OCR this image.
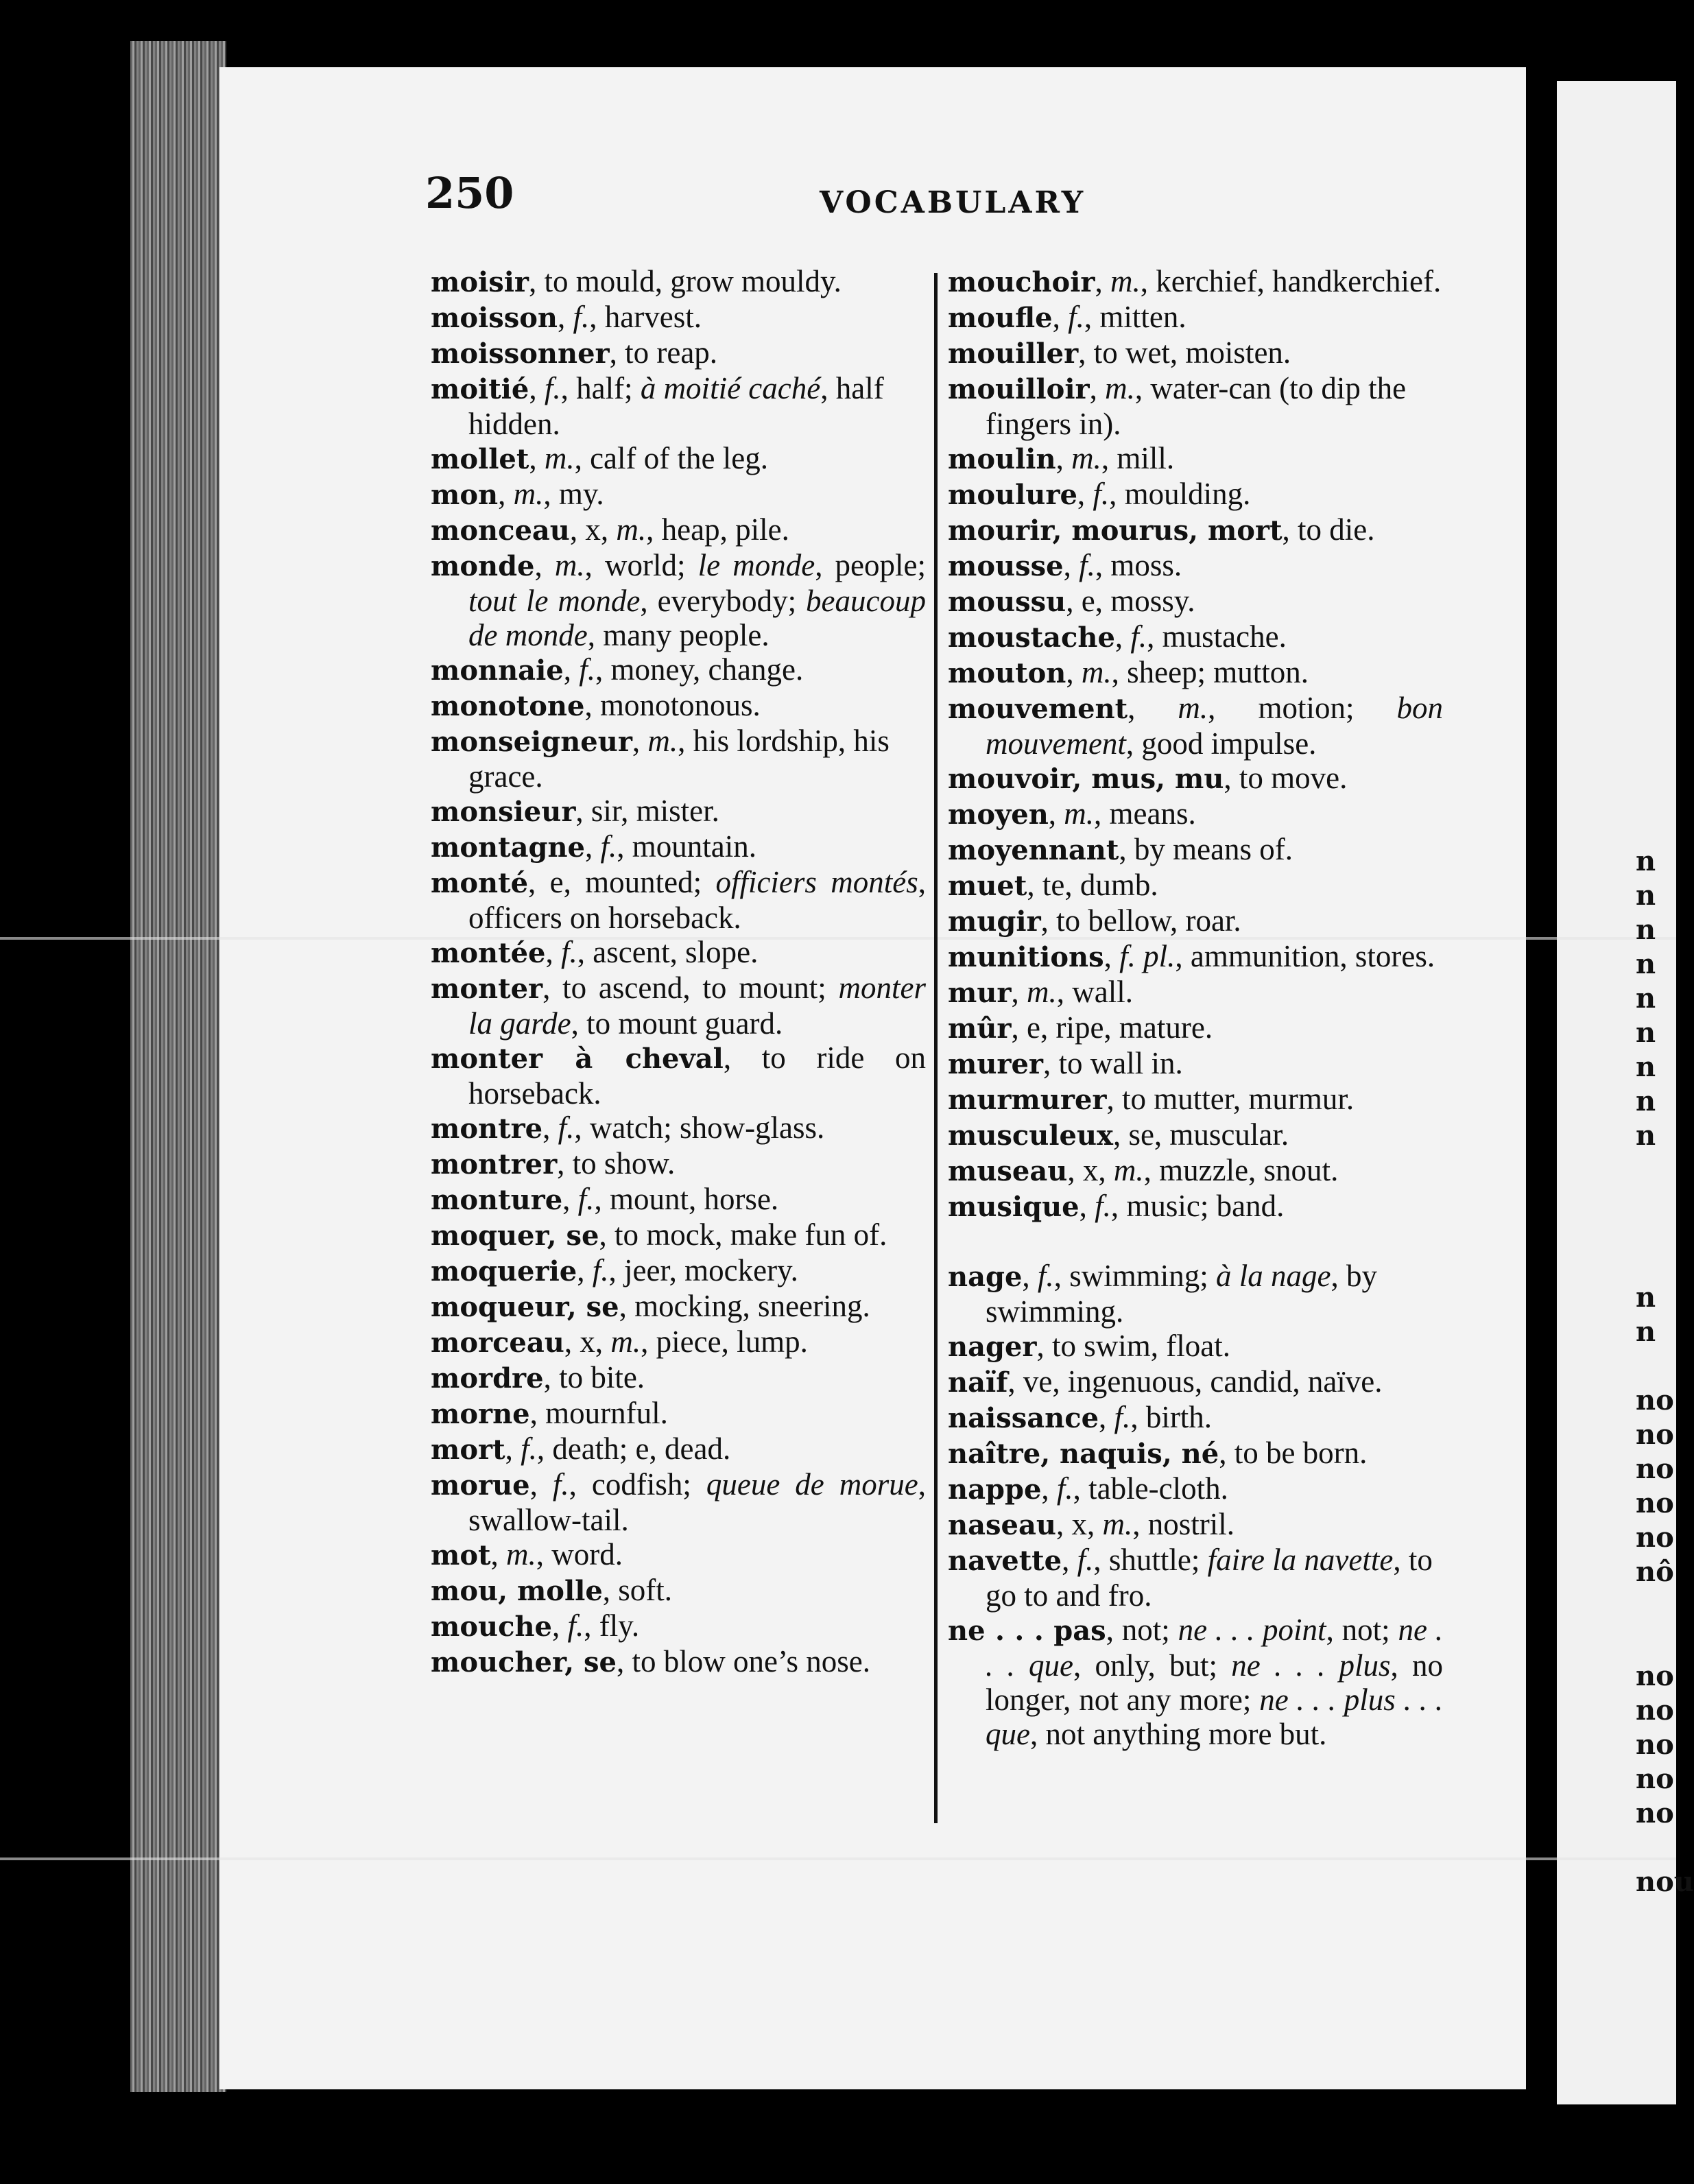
250	VOCABULARY

moisir, to mould, grow mouldy.

moisson, f., harvest.

moissonner, to reap.

moitié, f., half; à moitié caché, half hidden.

mollet, m., calf of the leg.

mon, m., my.

monceau, x, m., heap, pile.

monde, m., world; le monde, people; tout le monde, everybody; beaucoup de monde, many people.

monnaie, f., money, change.

monotone, monotonous.

monseigneur, m., his lordship, his grace.

monsieur, sir, mister.

montagne, f., mountain.

monté, e, mounted; officiers montés, officers on horseback.

montée, f., ascent, slope.

monter, to ascend, to mount; monter la garde, to mount guard.

monter à cheval, to ride on horseback.

montre, f., watch; show-glass.

montrer, to show.

monture, f., mount, horse.

moquer, se, to mock, make fun of.

moquerie, f., jeer, mockery.

moqueur, se, mocking, sneering.

morceau, x, m., piece, lump.

mordre, to bite.

morne, mournful.

mort, f., death; e, dead.

morue, f., codfish; queue de morue, swallow-tail.

mot, m., word.

mou, molle, soft.

mouche, f., fly.

moucher, se, to blow one’s nose.

mouchoir, m., kerchief, handkerchief.

moufle, f., mitten.

mouiller, to wet, moisten.

mouilloir, m., water-can (to dip the fingers in).

moulin, m., mill.

moulure, f., moulding.

mourir, mourus, mort, to die.

mousse, f., moss.

moussu, e, mossy.

moustache, f., mustache.

mouton, m., sheep; mutton.

mouvement, m., motion; bon mouvement, good impulse.

mouvoir, mus, mu, to move.

moyen, m., means.

moyennant, by means of.

muet, te, dumb.

mugir, to bellow, roar.

munitions, f. pl., ammunition, stores.

mur, m., wall.

mûr, e, ripe, mature.

murer, to wall in.

murmurer, to mutter, murmur.

musculeux, se, muscular.

museau, x, m., muzzle, snout.

musique, f., music; band.

nage, f., swimming; à la nage, by swimming.

nager, to swim, float.

naïf, ve, ingenuous, candid, naïve.

naissance, f., birth.

naître, naquis, né, to be born.

nappe, f., table-cloth.

naseau, x, m., nostril.

navette, f., shuttle; faire la navette, to go to and fro.

ne . . . pas, not; ne . . . point, not; ne . . . que, only, but; ne . . . plus, no longer, not any more; ne . . . plus . . . que, not anything more but.

n
n
n
n
n
n
n
n
n
n
n
no
no
no
no
no
nô
no
no
no
no
no
nou
